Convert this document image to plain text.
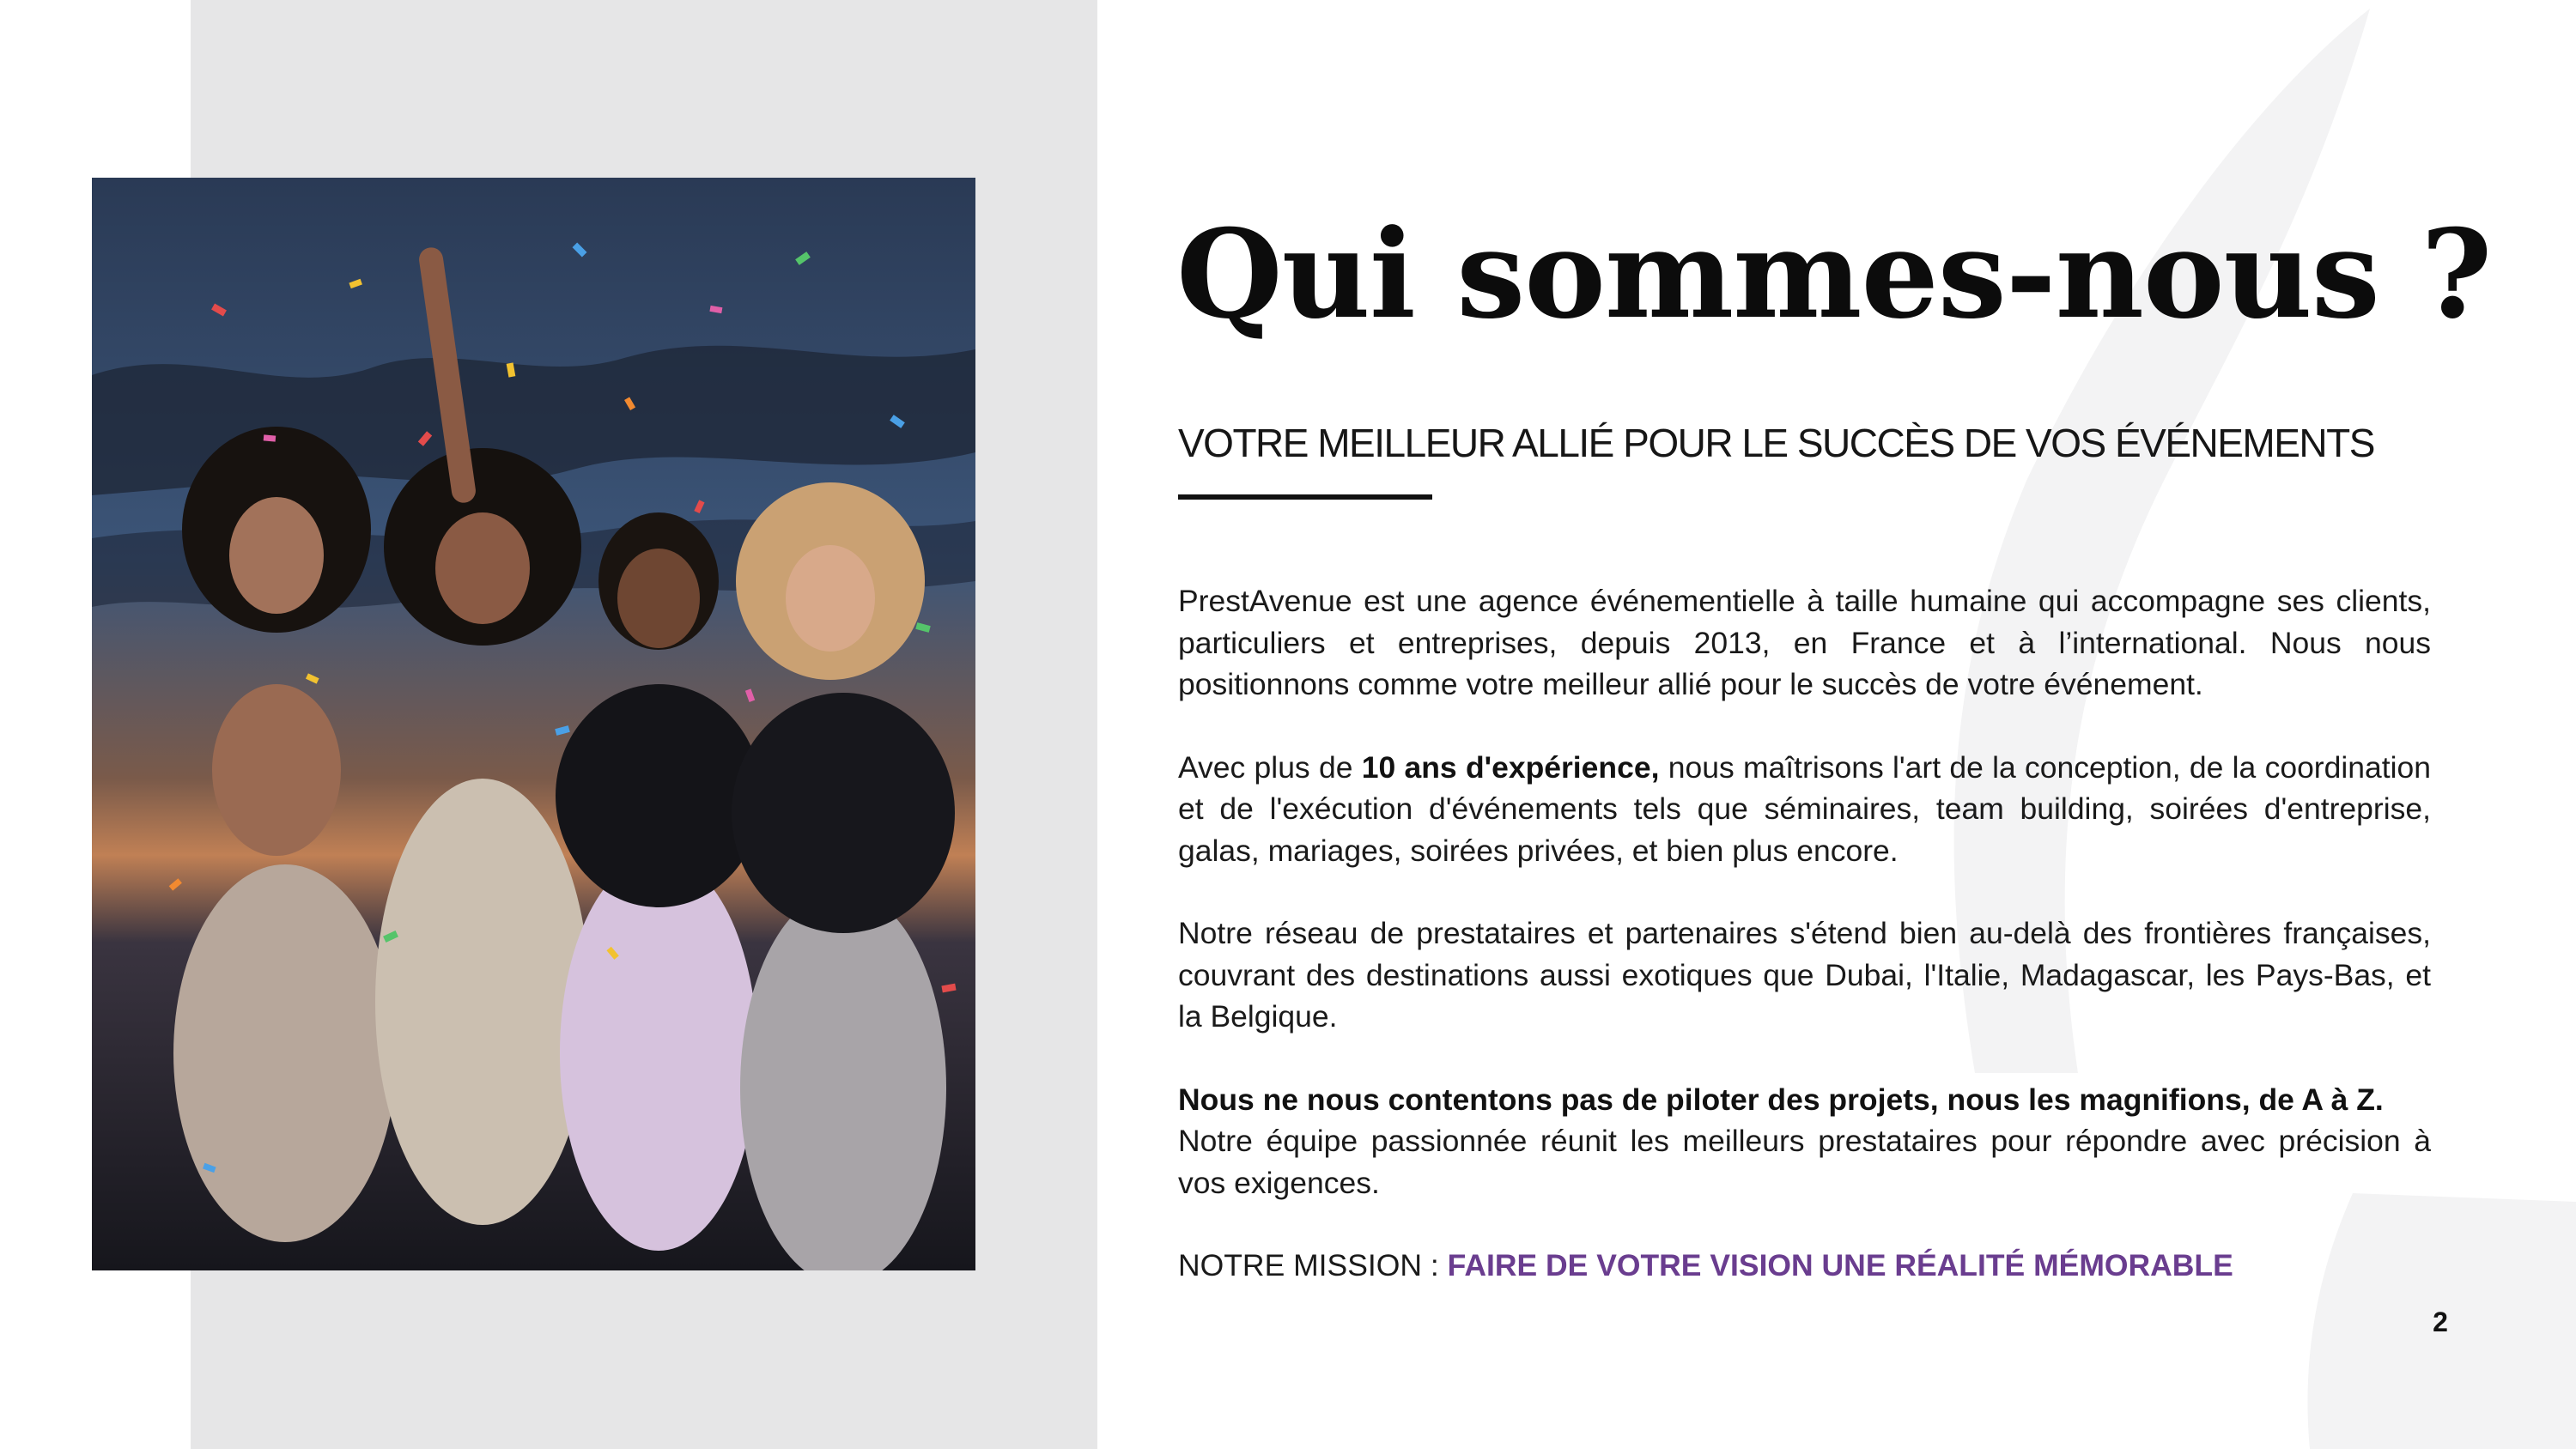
Qui sommes-nous ?
VOTRE MEILLEUR ALLIÉ POUR LE SUCCÈS DE VOS ÉVÉNEMENTS

PrestAvenue est une agence événementielle à taille humaine qui accompagne ses clients, particuliers et entreprises, depuis 2013, en France et à l’international. Nous nous positionnons comme votre meilleur allié pour le succès de votre événement.

Avec plus de 10 ans d'expérience, nous maîtrisons l'art de la conception, de la coordination et de l'exécution d'événements tels que séminaires, team building, soirées d'entreprise, galas, mariages, soirées privées, et bien plus encore.

Notre réseau de prestataires et partenaires s'étend bien au-delà des frontières françaises, couvrant des destinations aussi exotiques que Dubai, l'Italie, Madagascar, les Pays-Bas, et la Belgique.

Nous ne nous contentons pas de piloter des projets, nous les magnifions, de A à Z.
Notre équipe passionnée réunit les meilleurs prestataires pour répondre avec précision à vos exigences.

NOTRE MISSION : FAIRE DE VOTRE VISION UNE RÉALITÉ MÉMORABLE

2
